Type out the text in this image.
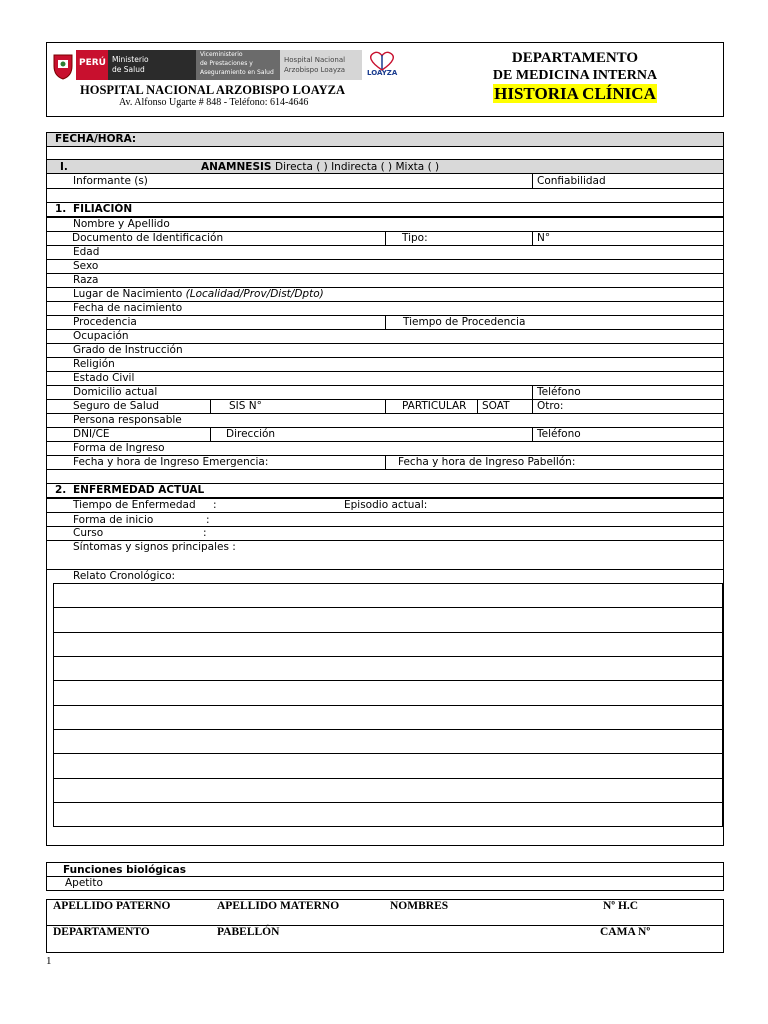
PERÚ Ministerio de Salud
Viceministerio
de Prestaciones y
Aseguramiento en Salud
Hospital Nacional
Arzobispo Loayza	LOAYZA
HOSPITAL NACIONAL ARZOBISPO LOAYZA
Av. Alfonso Ugarte # 848 - Teléfono: 614-4646
DEPARTAMENTO
DE MEDICINA INTERNA
HISTORIA CLÍNICA
FECHA/HORA:
I.	ANAMNESIS Directa ( ) Indirecta ( ) Mixta ( )
Informante (s)	Confiabilidad
1. FILIACIÓN
Nombre y Apellido
Documento de Identificación	Tipo:	N°
Edad
Sexo
Raza
Lugar de Nacimiento (Localidad/Prov/Dist/Dpto)
Fecha de nacimiento
Procedencia	Tiempo de Procedencia
Ocupación
Grado de Instrucción
Religión
Estado Civil
Domicilio actual	Teléfono
Seguro de Salud	SIS N°	PARTICULAR SOAT	Otro:
Persona responsable
DNI/CE	Dirección	Teléfono
Forma de Ingreso
Fecha y hora de Ingreso Emergencia:	Fecha y hora de Ingreso Pabellón:
2. ENFERMEDAD ACTUAL
Tiempo de Enfermedad :	Episodio actual:
Forma de inicio	:
Curso	:
Síntomas y signos principales :
Relato Cronológico:
Funciones biológicas
Apetito
APELLIDO PATERNO	APELLIDO MATERNO	NOMBRES	Nº H.C
DEPARTAMENTO	PABELLÓN	CAMA Nº
1
